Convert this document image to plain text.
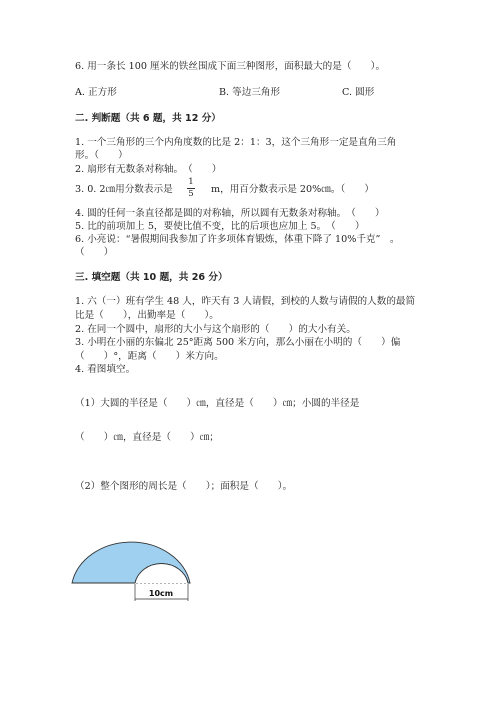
6. 用一条长 100 厘米的铁丝围成下面三种图形，面积最大的是（　　）。
A. 正方形	B. 等边三角形	C. 圆形
二. 判断题（共 6 题，共 12 分）
1. 一个三角形的三个内角度数的比是 2：1：3，这个三角形一定是直角三角
形。（　　）
2. 扇形有无数条对称轴。　（　　）
3. 0. 2㎝用分数表示是
1
5	m，用百分数表示是 20%㎝。（　　）
4. 圆的任何一条直径都是圆的对称轴，所以圆有无数条对称轴。　（　　）
5. 比的前项加上 5，要使比值不变，比的后项也应加上 5。　（　　）
6. 小亮说：“暑假期间我参加了许多项体育锻炼，体重下降了 10%千克”　。
（　　）
三. 填空题（共 10 题，共 26 分）
1. 六（一）班有学生 48 人，昨天有 3 人请假，到校的人数与请假的人数的最简
比是（　　），出勤率是（　　）。
2. 在同一个圆中，扇形的大小与这个扇形的（　　）的大小有关。
3. 小明在小丽的东偏北 25°距离 500 米方向，那么小丽在小明的（　　）偏
（　　）°，距离（　　）米方向。
4. 看图填空。
（1）大圆的半径是（　　）㎝，直径是（　　）㎝；小圆的半径是
（　　）㎝，直径是（　　）㎝；
（2）整个图形的周长是（　　）；面积是（　　）。
10cm
